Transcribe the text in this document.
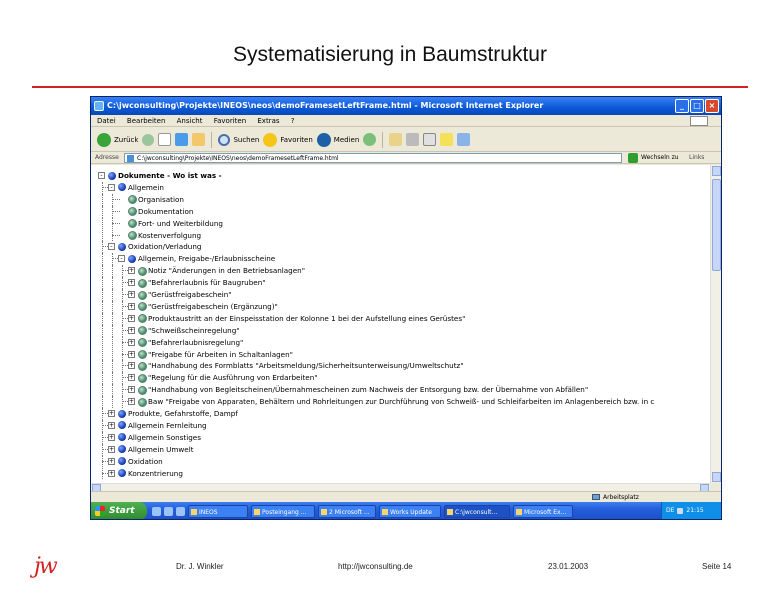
Systematisierung in Baumstruktur
C:\jwconsulting\Projekte\INEOS\neos\demoFramesetLeftFrame.html - Microsoft Internet Explorer	_	□ ×
Datei Bearbeiten Ansicht Favoriten Extras ?
Zurück	Suchen	Favoriten	Medien
Adresse	C:\jwconsulting\Projekte\INEOS\neos\demoFramesetLeftFrame.html	Wechseln zu Links
-	Dokumente - Wo ist was -
-	Allgemein
Organisation
Dokumentation
Fort- und Weiterbildung
Kostenverfolgung
-	Oxidation/Verladung
-	Allgemein, Freigabe-/Erlaubnisscheine
+ Notiz "Änderungen in den Betriebsanlagen"
+ "Befahrerlaubnis für Baugruben"
+ "Gerüstfreigabeschein"
+ "Gerüstfreigabeschein (Ergänzung)"
+ Produktaustritt an der Einspeisstation der Kolonne 1 bei der Aufstellung eines Gerüstes"
+ "Schweißscheinregelung"
+ "Befahrerlaubnisregelung"
+ "Freigabe für Arbeiten in Schaltanlagen"
+ "Handhabung des Formblatts "Arbeitsmeldung/Sicherheitsunterweisung/Umweltschutz"
+ "Regelung für die Ausführung von Erdarbeiten"
+ "Handhabung von Begleitscheinen/Übernahmescheinen zum Nachweis der Entsorgung bzw. der Übernahme von Abfällen"
+ Baw "Freigabe von Apparaten, Behältern und Rohrleitungen zur Durchführung von Schweiß- und Schleifarbeiten im Anlagenbereich bzw. in c
+ Produkte, Gefahrstoffe, Dampf
+ Allgemein Fernleitung
+ Allgemein Sonstiges
+ Allgemein Umwelt
+ Oxidation
+ Konzentrierung
Arbeitsplatz
Start	INEOS	Posteingang ...	2 Microsoft ...	Works Update	C:\jwconsult...	Microsoft Ex...	DE 21:15
jw	Dr. J. Winkler	http://jwconsulting.de	23.01.2003	Seite 14
